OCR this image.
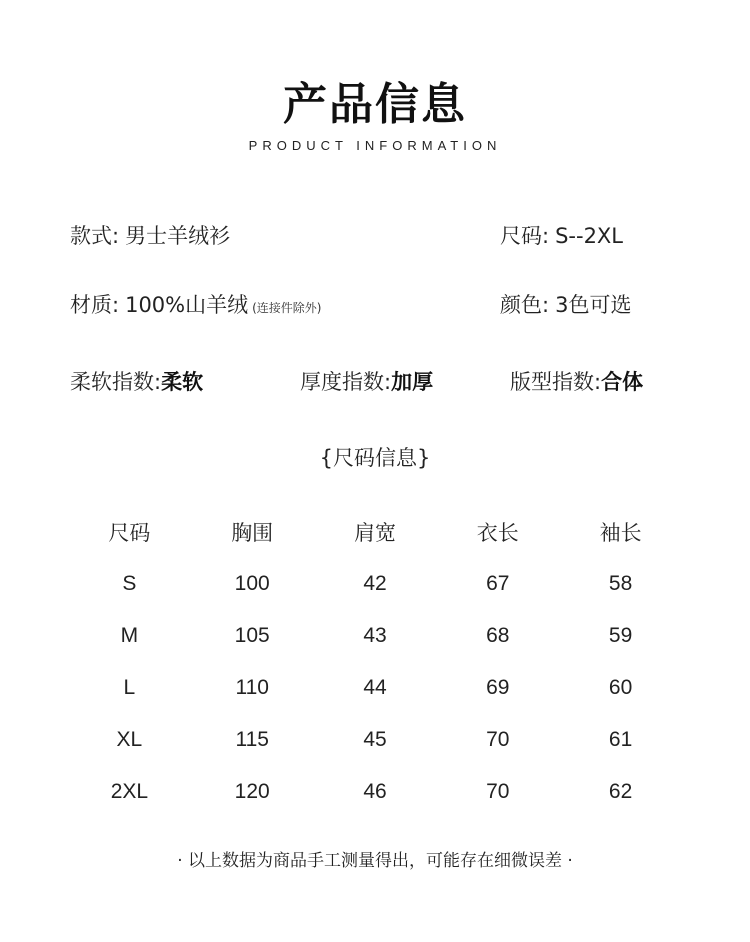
产品信息
PRODUCT INFORMATION
款式: 男士羊绒衫	尺码: S--2XL
材质: 100%山羊绒 (连接件除外)	颜色: 3色可选
柔软指数:柔软	厚度指数:加厚	版型指数:合体
{尺码信息}
尺码	胸围	肩宽	衣长	袖长
S	100	42	67	58
M	105	43	68	59
L	110	44	69	60
XL	115	45	70	61
2XL	120	46	70	62
· 以上数据为商品手工测量得出，可能存在细微误差 ·
